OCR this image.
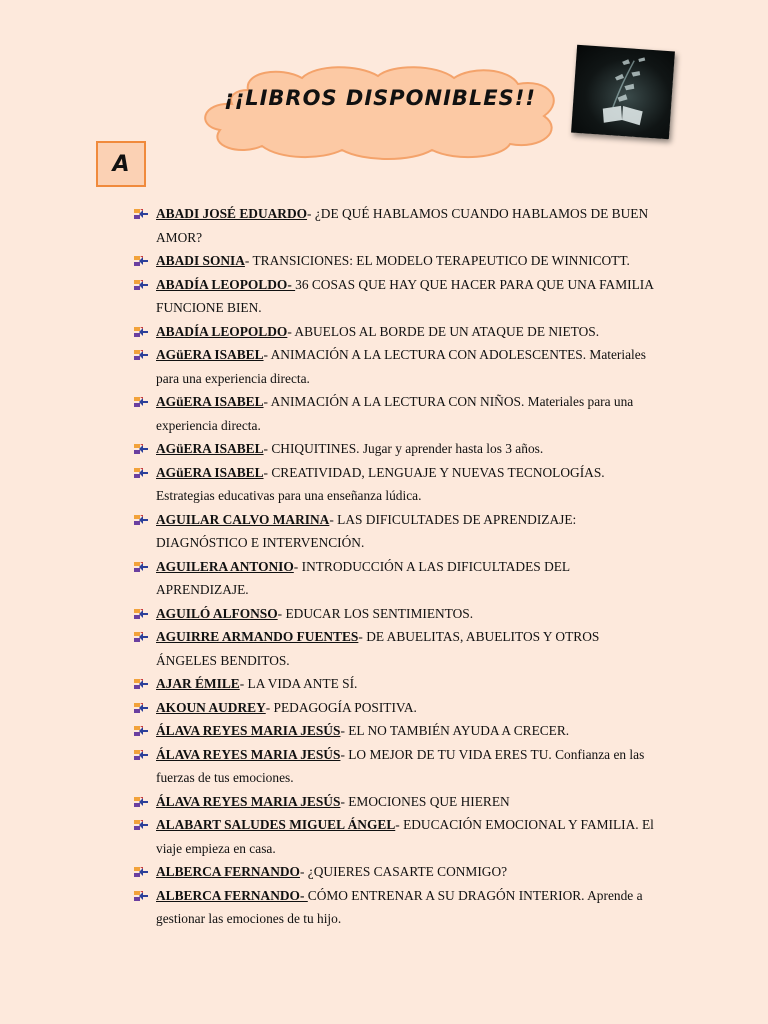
¡¡LIBROS DISPONIBLES!!
A
ABADI JOSÉ EDUARDO- ¿DE QUÉ HABLAMOS CUANDO HABLAMOS DE BUEN AMOR?
ABADI SONIA- TRANSICIONES: EL MODELO TERAPEUTICO DE WINNICOTT.
ABADÍA LEOPOLDO- 36 COSAS QUE HAY QUE HACER PARA QUE UNA FAMILIA FUNCIONE BIEN.
ABADÍA LEOPOLDO- ABUELOS AL BORDE DE UN ATAQUE DE NIETOS.
AGüERA ISABEL- ANIMACIÓN A LA LECTURA CON ADOLESCENTES. Materiales para una experiencia directa.
AGüERA ISABEL- ANIMACIÓN A LA LECTURA CON NIÑOS. Materiales para una experiencia directa.
AGüERA ISABEL- CHIQUITINES. Jugar y aprender hasta los 3 años.
AGüERA ISABEL- CREATIVIDAD, LENGUAJE Y NUEVAS TECNOLOGÍAS. Estrategias educativas para una enseñanza lúdica.
AGUILAR CALVO MARINA- LAS DIFICULTADES DE APRENDIZAJE: DIAGNÓSTICO E INTERVENCIÓN.
AGUILERA ANTONIO- INTRODUCCIÓN A LAS DIFICULTADES DEL APRENDIZAJE.
AGUILÓ ALFONSO- EDUCAR LOS SENTIMIENTOS.
AGUIRRE ARMANDO FUENTES- DE ABUELITAS, ABUELITOS Y OTROS ÁNGELES BENDITOS.
AJAR ÉMILE- LA VIDA ANTE SÍ.
AKOUN AUDREY- PEDAGOGÍA POSITIVA.
ÁLAVA REYES MARIA JESÚS- EL NO TAMBIÉN AYUDA A CRECER.
ÁLAVA REYES MARIA JESÚS- LO MEJOR DE TU VIDA ERES TU. Confianza en las fuerzas de tus emociones.
ÁLAVA REYES MARIA JESÚS- EMOCIONES QUE HIEREN
ALABART SALUDES MIGUEL ÁNGEL- EDUCACIÓN EMOCIONAL Y FAMILIA. El viaje empieza en casa.
ALBERCA FERNANDO- ¿QUIERES CASARTE CONMIGO?
ALBERCA FERNANDO- CÓMO ENTRENAR A SU DRAGÓN INTERIOR. Aprende a gestionar las emociones de tu hijo.
